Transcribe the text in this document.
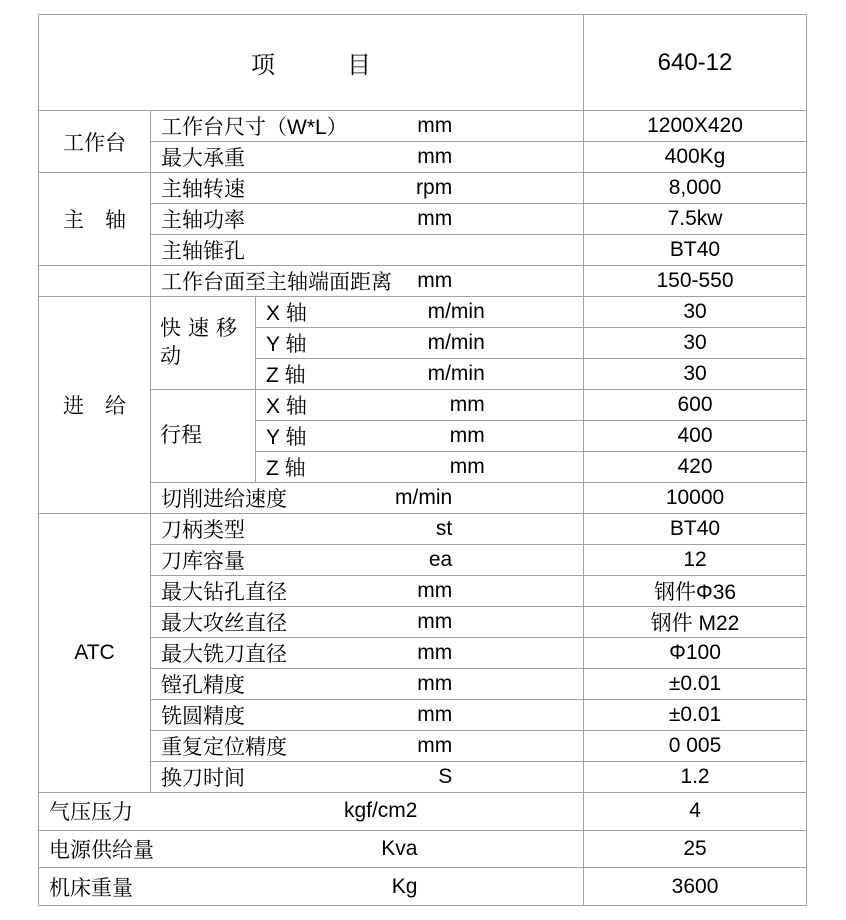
项　　　目			640-12
工作台	工作台尺寸（W*L） mm		1200X420

	最大承重 mm		400Kg
主　轴	主轴转速 rpm		8,000

	主轴功率 mm		7.5kw

	主轴锥孔		BT40

	工作台面至主轴端面距离 mm		150-550
进　给	快速移动	X 轴 m/min	30

		Y 轴 m/min	30

		Z 轴 m/min	30
	行程	X 轴 mm	600

		Y 轴 mm	400

		Z 轴 mm	420

	切削进给速度 m/min		10000
ATC	刀柄类型 st		BT40

	刀库容量 ea		12

	最大钻孔直径 mm		钢件Φ36

	最大攻丝直径 mm		钢件 M22

	最大铣刀直径 mm		Φ100

	镗孔精度 mm		±0.01

	铣圆精度 mm		±0.01

	重复定位精度 mm		0 005

	换刀时间 S		1.2

气压压力 kgf/cm2			4

电源供给量 Kva			25

机床重量 Kg			3600
